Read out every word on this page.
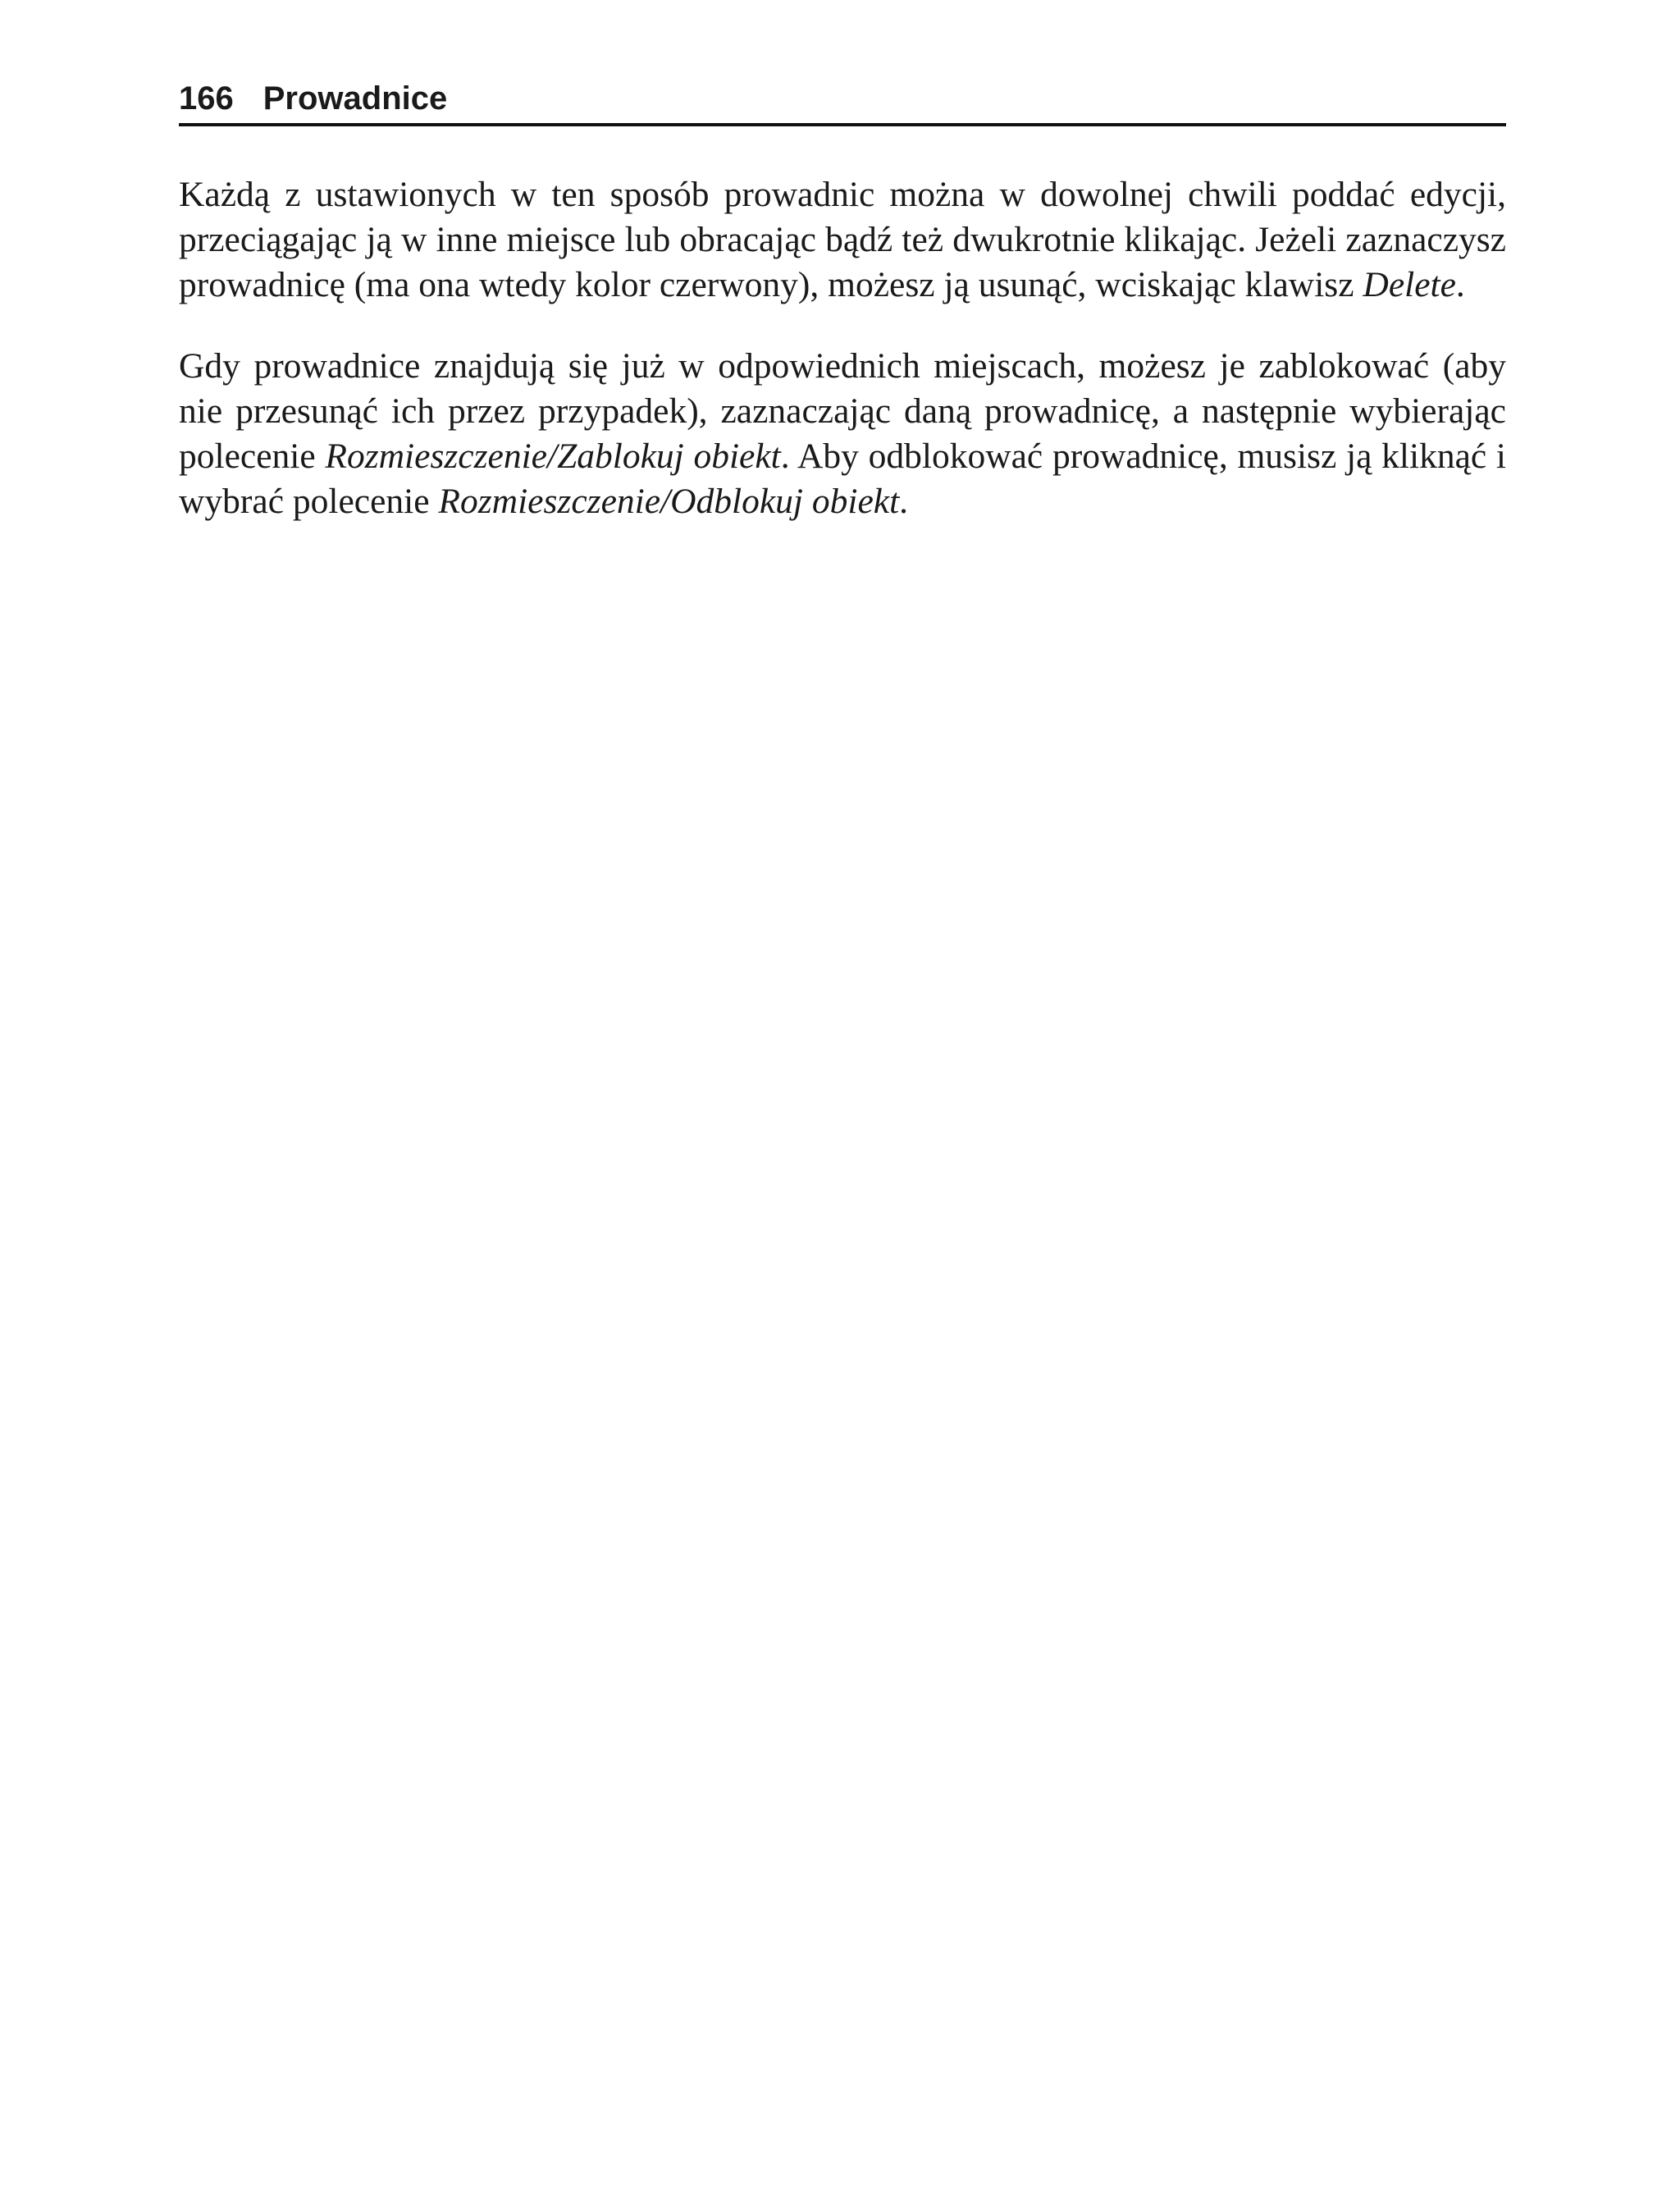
166 Prowadnice

Każdą z ustawionych w ten sposób prowadnic można w dowolnej chwili poddać edycji, przeciągając ją w inne miejsce lub obracając bądź też dwukrotnie klikając. Jeżeli zaznaczysz prowadnicę (ma ona wtedy kolor czerwony), możesz ją usunąć, wciskając klawisz Delete.

Gdy prowadnice znajdują się już w odpowiednich miejscach, możesz je zablokować (aby nie przesunąć ich przez przypadek), zaznaczając daną prowadnicę, a następnie wybierając polecenie Rozmieszczenie/Zablokuj obiekt. Aby odblokować prowadnicę, musisz ją kliknąć i wybrać polecenie Rozmieszczenie/Odblokuj obiekt.
